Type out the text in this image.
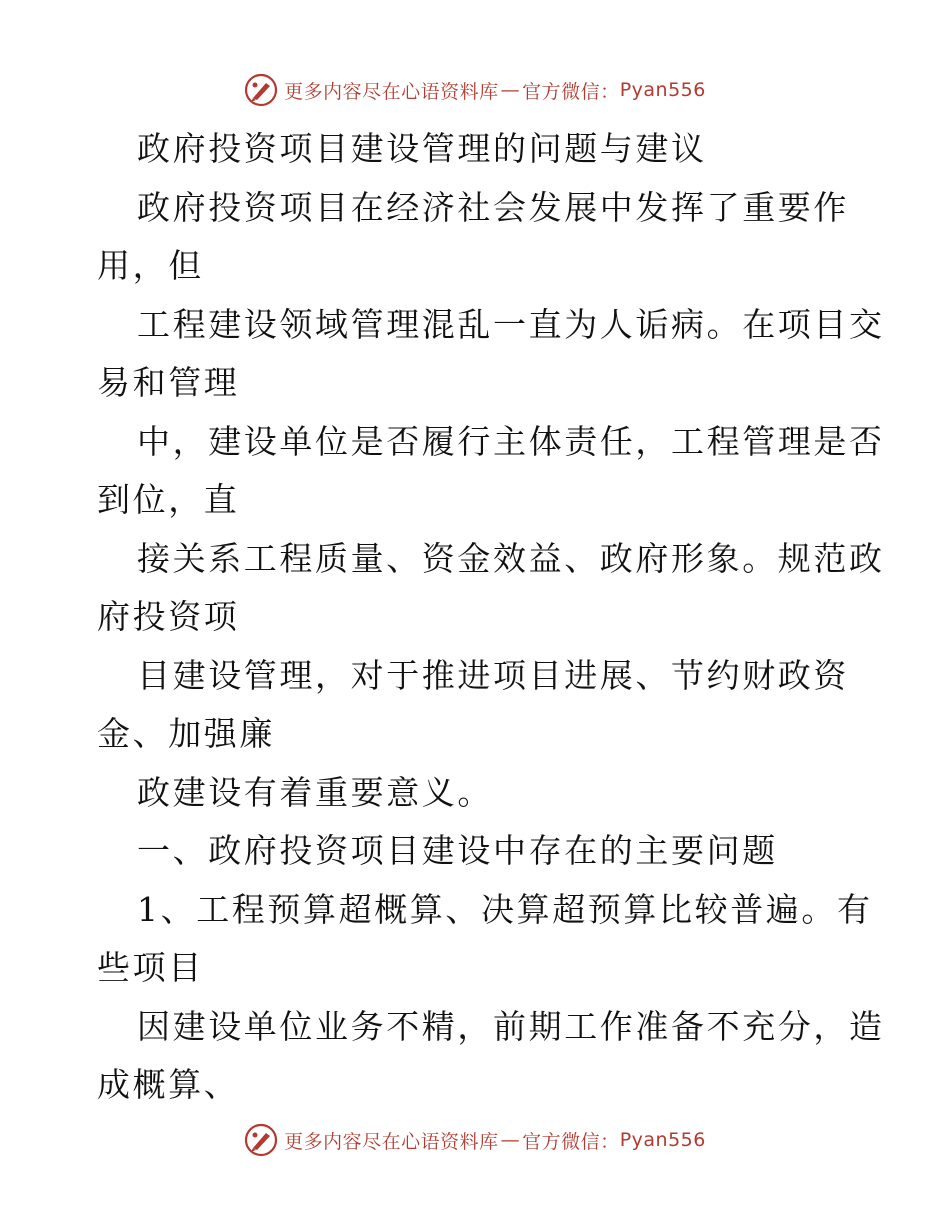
更多内容尽在心语资料库 — 官方微信： Pyan556
政府投资项目建设管理的问题与建议
政府投资项目在经济社会发展中发挥了重要作
用，但
工程建设领域管理混乱一直为人诟病。在项目交
易和管理
中，建设单位是否履行主体责任，工程管理是否
到位，直
接关系工程质量、资金效益、政府形象。规范政
府投资项
目建设管理，对于推进项目进展、节约财政资
金、加强廉
政建设有着重要意义。
一、政府投资项目建设中存在的主要问题
1、工程预算超概算、决算超预算比较普遍。有
些项目
因建设单位业务不精，前期工作准备不充分，造
成概算、
更多内容尽在心语资料库 — 官方微信： Pyan556
